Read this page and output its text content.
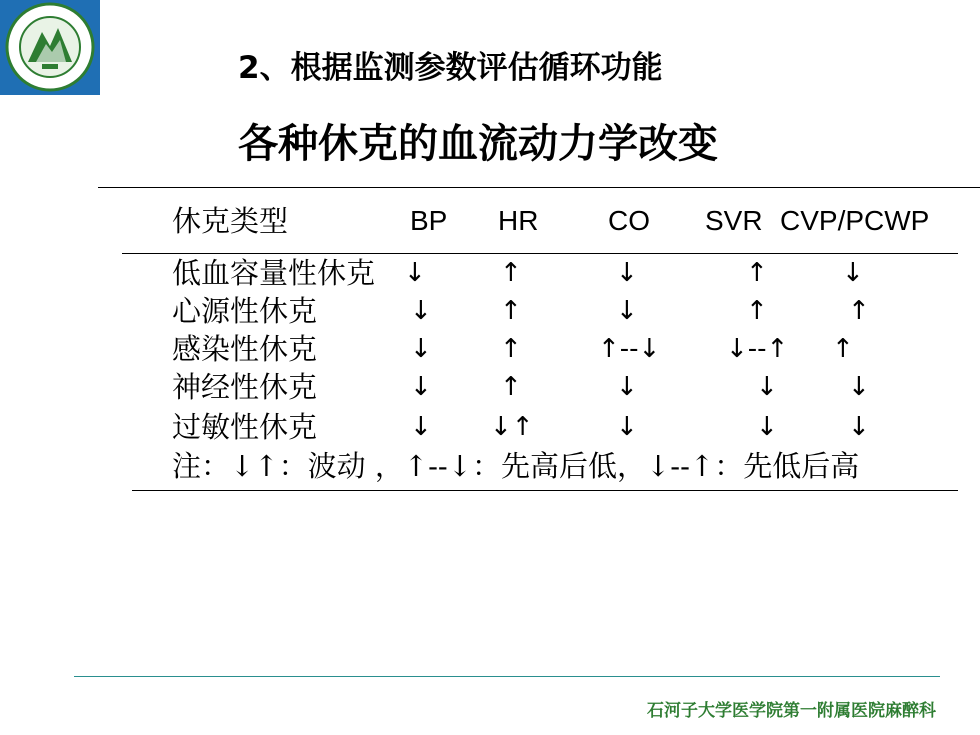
2、根据监测参数评估循环功能
各种休克的血流动力学改变
休克类型	BP HR CO SVR CVP/PCWP
低血容量性休克 ↓	↑	↓	↑	↓
心源性休克	↓	↑	↓	↑	↑
感染性休克	↓	↑	↑--↓	↓--↑ ↑
神经性休克	↓	↑	↓	↓	↓
过敏性休克	↓ ↓↑	↓	↓	↓
注：↓↑：波动 ，↑--↓：先高后低，↓--↑：先低后高
石河子大学医学院第一附属医院麻醉科
